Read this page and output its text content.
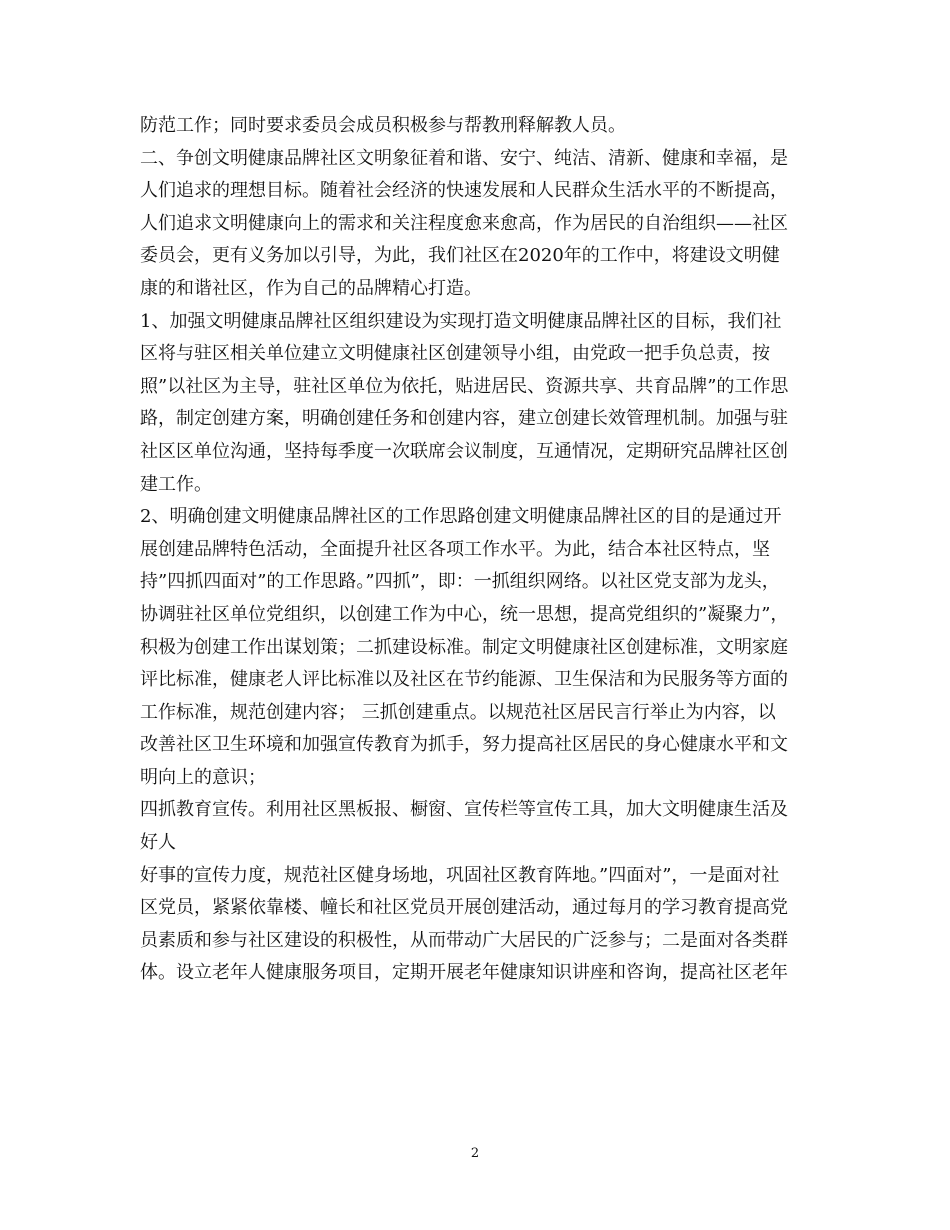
防范工作；同时要求委员会成员积极参与帮教刑释解教人员。
二、争创文明健康品牌社区文明象征着和谐、安宁、纯洁、清新、健康和幸福，是
人们追求的理想目标。随着社会经济的快速发展和人民群众生活水平的不断提高，
人们追求文明健康向上的需求和关注程度愈来愈高，作为居民的自治组织——社区
委员会，更有义务加以引导，为此，我们社区在2020年的工作中，将建设文明健
康的和谐社区，作为自己的品牌精心打造。
1、加强文明健康品牌社区组织建设为实现打造文明健康品牌社区的目标，我们社
区将与驻区相关单位建立文明健康社区创建领导小组，由党政一把手负总责，按
照”以社区为主导，驻社区单位为依托，贴进居民、资源共享、共育品牌”的工作思
路，制定创建方案，明确创建任务和创建内容，建立创建长效管理机制。加强与驻
社区区单位沟通，坚持每季度一次联席会议制度，互通情况，定期研究品牌社区创
建工作。
2、明确创建文明健康品牌社区的工作思路创建文明健康品牌社区的目的是通过开
展创建品牌特色活动，全面提升社区各项工作水平。为此，结合本社区特点，坚
持”四抓四面对”的工作思路。”四抓”，即：一抓组织网络。以社区党支部为龙头，
协调驻社区单位党组织，以创建工作为中心，统一思想，提高党组织的”凝聚力”，
积极为创建工作出谋划策；二抓建设标准。制定文明健康社区创建标准，文明家庭
评比标准，健康老人评比标准以及社区在节约能源、卫生保洁和为民服务等方面的
工作标准，规范创建内容； 三抓创建重点。以规范社区居民言行举止为内容，以
改善社区卫生环境和加强宣传教育为抓手，努力提高社区居民的身心健康水平和文
明向上的意识；
四抓教育宣传。利用社区黑板报、橱窗、宣传栏等宣传工具，加大文明健康生活及
好人
好事的宣传力度，规范社区健身场地，巩固社区教育阵地。”四面对”，一是面对社
区党员，紧紧依靠楼、幢长和社区党员开展创建活动，通过每月的学习教育提高党
员素质和参与社区建设的积极性，从而带动广大居民的广泛参与；二是面对各类群
体。设立老年人健康服务项目，定期开展老年健康知识讲座和咨询，提高社区老年
2
